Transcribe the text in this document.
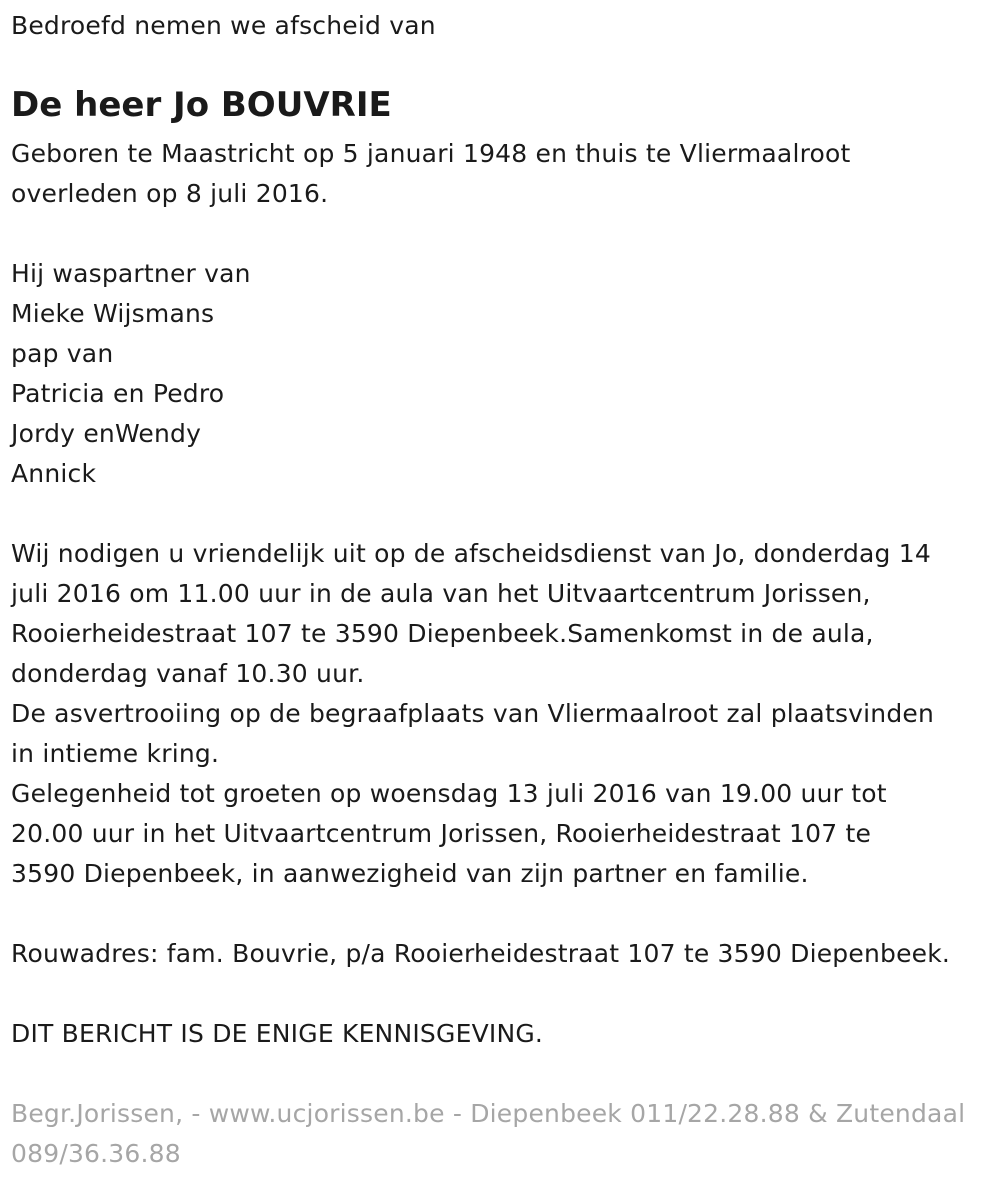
Bedroefd nemen we afscheid van
De heer Jo BOUVRIE
Geboren te Maastricht op 5 januari 1948 en thuis te Vliermaalroot
overleden op 8 juli 2016.
Hij waspartner van
Mieke Wijsmans
pap van
Patricia en Pedro
Jordy enWendy
Annick
Wij nodigen u vriendelijk uit op de afscheidsdienst van Jo, donderdag 14
juli 2016 om 11.00 uur in de aula van het Uitvaartcentrum Jorissen,
Rooierheidestraat 107 te 3590 Diepenbeek.Samenkomst in de aula,
donderdag vanaf 10.30 uur.
De asvertrooiing op de begraafplaats van Vliermaalroot zal plaatsvinden
in intieme kring.
Gelegenheid tot groeten op woensdag 13 juli 2016 van 19.00 uur tot
20.00 uur in het Uitvaartcentrum Jorissen, Rooierheidestraat 107 te
3590 Diepenbeek, in aanwezigheid van zijn partner en familie.
Rouwadres: fam. Bouvrie, p/a Rooierheidestraat 107 te 3590 Diepenbeek.
DIT BERICHT IS DE ENIGE KENNISGEVING.
Begr.Jorissen, - www.ucjorissen.be - Diepenbeek 011/22.28.88 & Zutendaal
089/36.36.88
